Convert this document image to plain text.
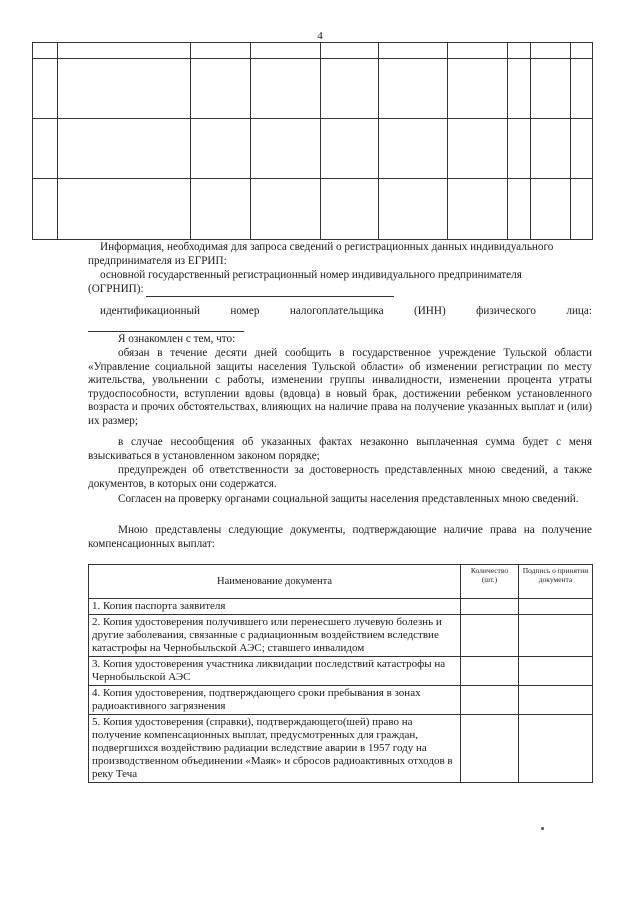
4

Информация, необходимая для запроса сведений о регистрационных данных индивидуального предпринимателя из ЕГРИП:
основной государственный регистрационный номер индивидуального предпринимателя
(ОГРНИП):
идентификационный номер налогоплательщика (ИНН) физического лица:
Я ознакомлен с тем, что:
обязан в течение десяти дней сообщить в государственное учреждение Тульской области «Управление социальной защиты населения Тульской области» об изменении регистрации по месту жительства, увольнении с работы, изменении группы инвалидности, изменении процента утраты трудоспособности, вступлении вдовы (вдовца) в новый брак, достижении ребенком установленного возраста и прочих обстоятельствах, влияющих на наличие права на получение указанных выплат и (или) их размер;
в случае несообщения об указанных фактах незаконно выплаченная сумма будет с меня взыскиваться в установленном законом порядке;
предупрежден об ответственности за достоверность представленных мною сведений, а также документов, в которых они содержатся.
Согласен на проверку органами социальной защиты населения представленных мною сведений.
Мною представлены следующие документы, подтверждающие наличие права на получение компенсационных выплат:
Наименование документа	Количество (шт.)	Подпись о принятии документа
1. Копия паспорта заявителя		
2. Копия удостоверения получившего или перенесшего лучевую болезнь и другие заболевания, связанные с радиационным воздействием вследствие катастрофы на Чернобыльской АЭС; ставшего инвалидом		
3. Копия удостоверения участника ликвидации последствий катастрофы на Чернобыльской АЭС		
4. Копия удостоверения, подтверждающего сроки пребывания в зонах радиоактивного загрязнения		
5. Копия удостоверения (справки), подтверждающего(шей) право на получение компенсационных выплат, предусмотренных для граждан, подвергшихся воздействию радиации вследствие аварии в 1957 году на производственном объединении «Маяк» и сбросов радиоактивных отходов в реку Теча		
